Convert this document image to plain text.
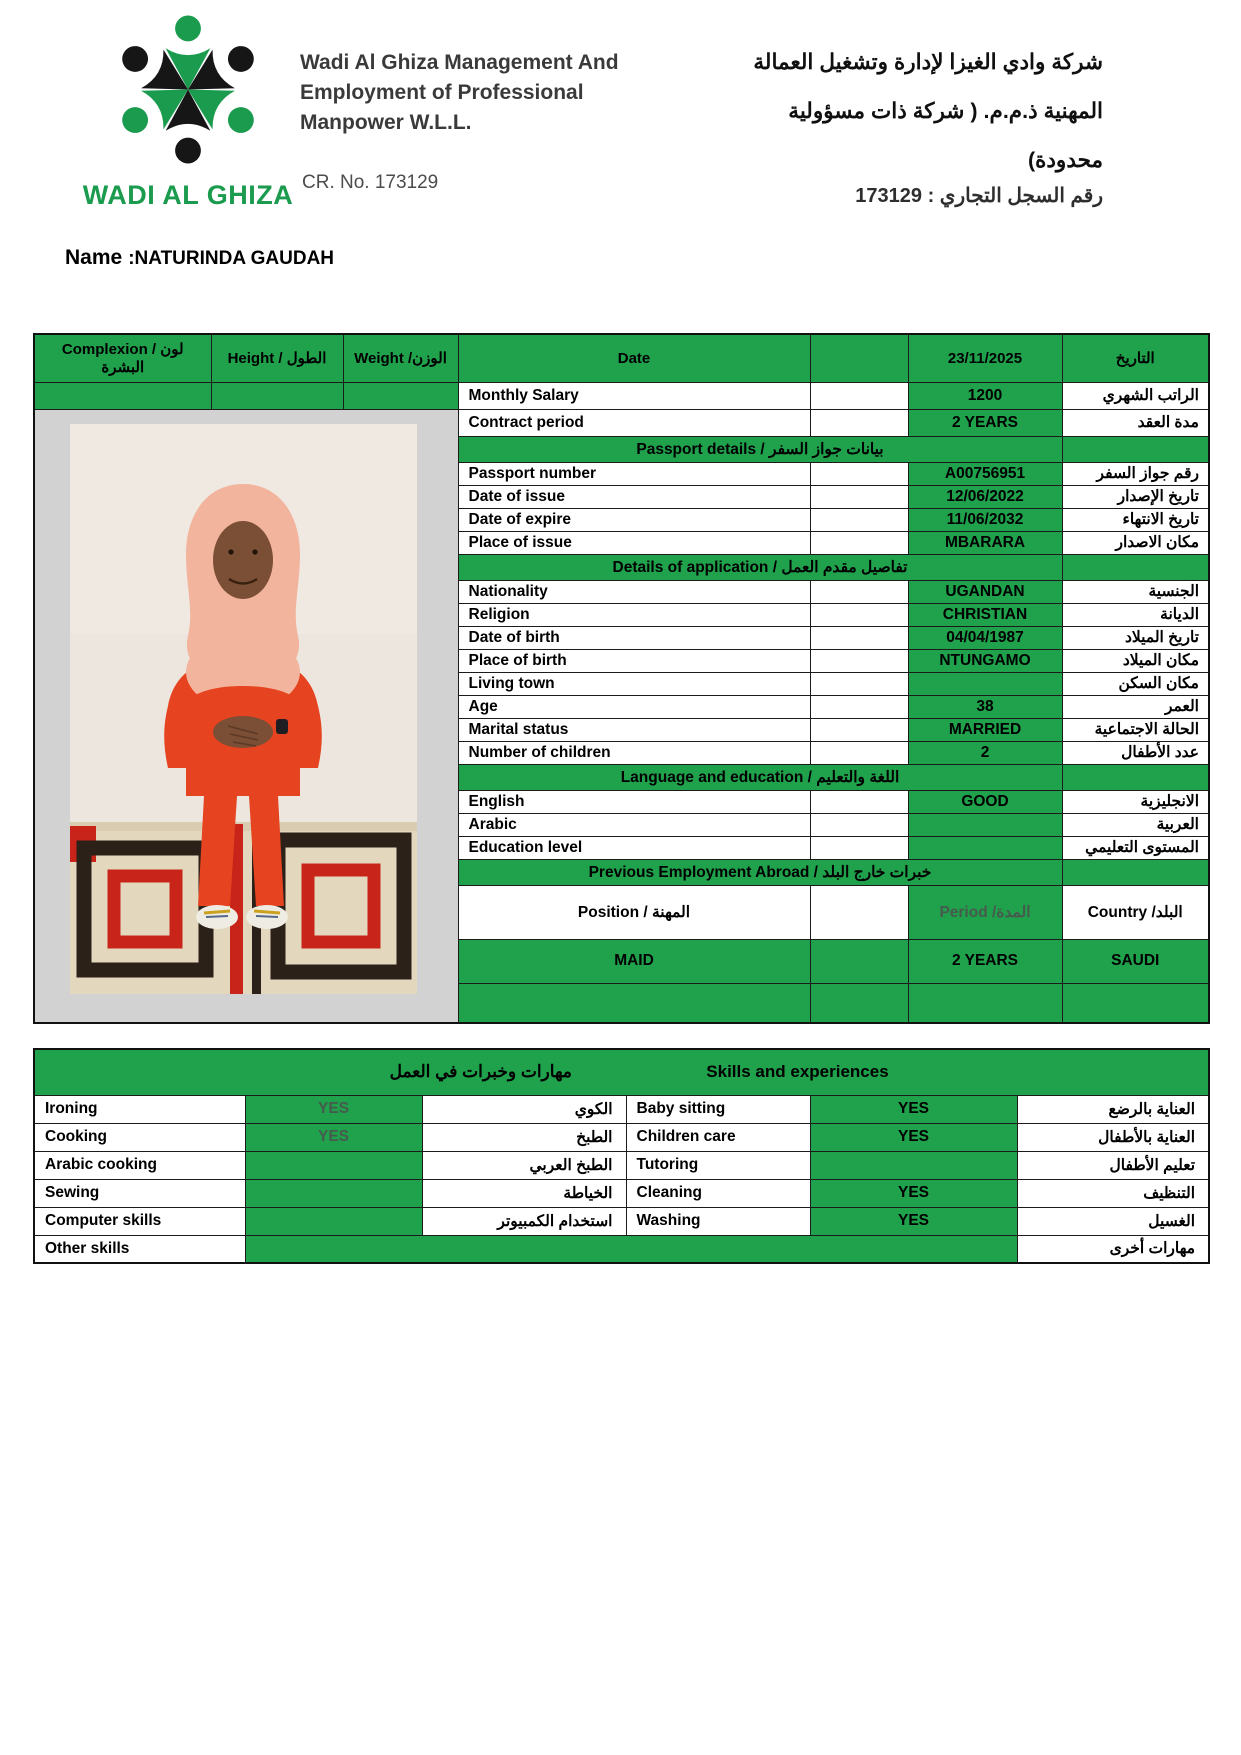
WADI AL GHIZA
Wadi Al Ghiza Management And
Employment of Professional
Manpower W.L.L.
CR. No. 173129
شركة وادي الغيزا لإدارة وتشغيل العمالة
المهنية ذ.م.م. ( شركة ذات مسؤولية
محدودة)
رقم السجل التجاري : 173129
Name :NATURINDA GAUDAH
Complexion / لون البشرة	Height / الطول	Weight /الوزن	Date		23/11/2025	التاريخ
			Monthly Salary		1200	الراتب الشهري
			Contract period		2 YEARS	مدة العقد
			Passport details / بيانات جواز السفر			
			Passport number		A00756951	رقم جواز السفر
			Date of issue		12/06/2022	تاريخ الإصدار
			Date of expire		11/06/2032	تاريخ الانتهاء
			Place of issue		MBARARA	مكان الاصدار
			Details of application / تفاصيل مقدم العمل			
			Nationality		UGANDAN	الجنسية
			Religion		CHRISTIAN	الديانة
			Date of birth		04/04/1987	تاريخ الميلاد
			Place of birth		NTUNGAMO	مكان الميلاد
			Living town			مكان السكن
			Age		38	العمر
			Marital status		MARRIED	الحالة الاجتماعية
			Number of children		2	عدد الأطفال
			Language and education / اللغة والتعليم			
			English		GOOD	الانجليزية
			Arabic			العربية
			Education level			المستوى التعليمي
			Previous Employment Abroad / خبرات خارج البلد			
			Position / المهنة		Period /المدة	Country /البلد
			MAID		2 YEARS	SAUDI

مهارات وخبرات في العمل Skills and experiences					

Ironing	YES	الكوي	Baby sitting	YES	العناية بالرضع
Cooking	YES	الطبخ	Children care	YES	العناية بالأطفال
Arabic cooking		الطبخ العربي	Tutoring		تعليم الأطفال
Sewing		الخياطة	Cleaning	YES	التنظيف
Computer skills		استخدام الكمبيوتر	Washing	YES	الغسيل
Other skills					مهارات أخرى
